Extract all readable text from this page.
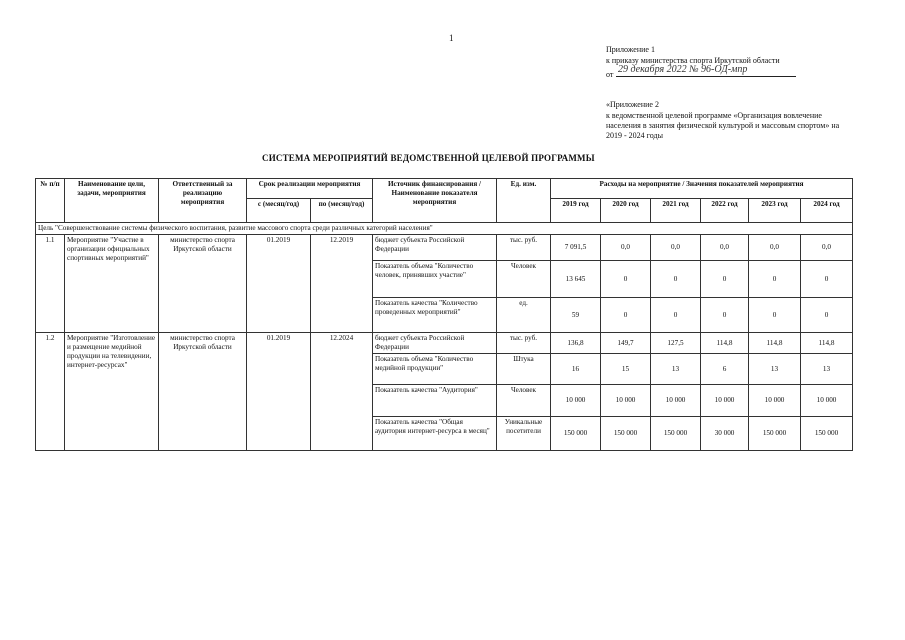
1
Приложение 1
к приказу министерства спорта Иркутской области
от 29 декабря 2022 № 96-ОД-мпр
«Приложение 2
к ведомственной целевой программе «Организация вовлечение
населения в занятия физической культурой и массовым спортом» на
2019 - 2024 годы
СИСТЕМА МЕРОПРИЯТИЙ ВЕДОМСТВЕННОЙ ЦЕЛЕВОЙ ПРОГРАММЫ
№ п/п	Наименование цели, задачи, мероприятия	Ответственный за реализацию мероприятия	Срок реализации мероприятия		Источник финансирования / Наименование показателя мероприятия	Ед. изм.	Расходы на мероприятие / Значения показателей мероприятия					
			с (месяц/год)	по (месяц/год)			2019 год	2020 год	2021 год	2022 год	2023 год	2024 год
Цель "Совершенствование системы физического воспитания, развитие массового спорта среди различных категорий населения"												
1.1	Мероприятие "Участие в организации официальных спортивных мероприятий"	министерство спорта Иркутской области	01.2019	12.2019	бюджет субъекта Российской Федерации	тыс. руб.	7 091,5	0,0	0,0	0,0	0,0	0,0
					Показатель объема "Количество человек, принявших участие"	Человек	13 645	0	0	0	0	0
					Показатель качества "Количество проведенных мероприятий"	ед.	59	0	0	0	0	0
1.2	Мероприятие "Изготовление и размещение медийной продукции на телевидении, интернет-ресурсах"	министерство спорта Иркутской области	01.2019	12.2024	бюджет субъекта Российской Федерации	тыс. руб.	136,8	149,7	127,5	114,8	114,8	114,8
					Показатель объема "Количество медийной продукции"	Штука	16	15	13	6	13	13
					Показатель качества "Аудитория"	Человек	10 000	10 000	10 000	10 000	10 000	10 000
					Показатель качества "Общая аудитория интернет-ресурса в месяц"	Уникальные посетители	150 000	150 000	150 000	30 000	150 000	150 000
